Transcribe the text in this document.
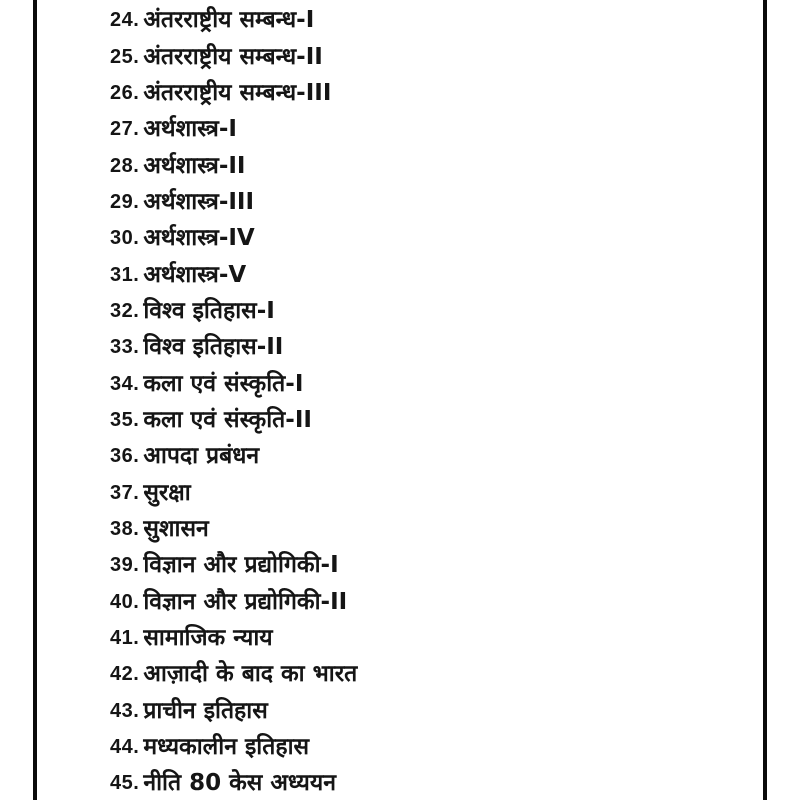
24. अंतरराष्ट्रीय सम्बन्ध-I
25. अंतरराष्ट्रीय सम्बन्ध-II
26. अंतरराष्ट्रीय सम्बन्ध-III
27. अर्थशास्त्र-I
28. अर्थशास्त्र-II
29. अर्थशास्त्र-III
30. अर्थशास्त्र-IV
31. अर्थशास्त्र-V
32. विश्व इतिहास-I
33. विश्व इतिहास-II
34. कला एवं संस्कृति-I
35. कला एवं संस्कृति-II
36. आपदा प्रबंधन
37. सुरक्षा
38. सुशासन
39. विज्ञान और प्रद्योगिकी-I
40. विज्ञान और प्रद्योगिकी-II
41. सामाजिक न्याय
42. आज़ादी के बाद का भारत
43. प्राचीन इतिहास
44. मध्यकालीन इतिहास
45. नीति 80 केस अध्ययन
